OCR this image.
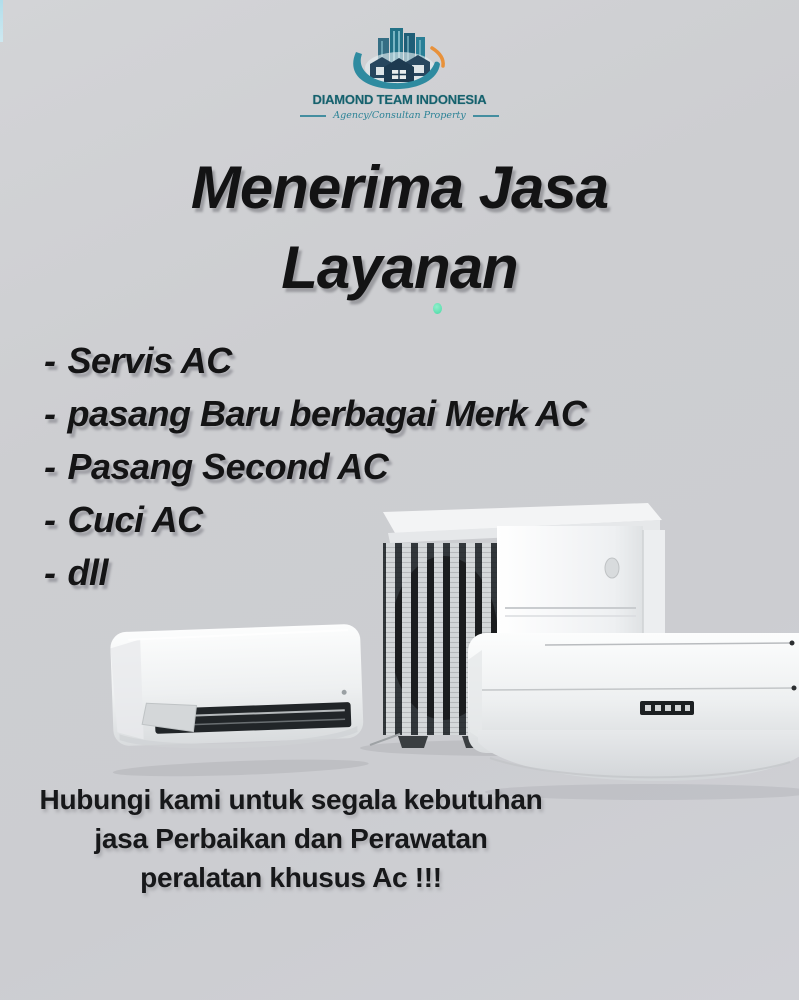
DIAMOND TEAM INDONESIA
Agency/Consultan Property
Menerima Jasa
Layanan
- Servis AC
- pasang Baru berbagai Merk AC
- Pasang Second AC
- Cuci AC
- dll
Hubungi kami untuk segala kebutuhan
jasa Perbaikan dan Perawatan
peralatan khusus Ac !!!
